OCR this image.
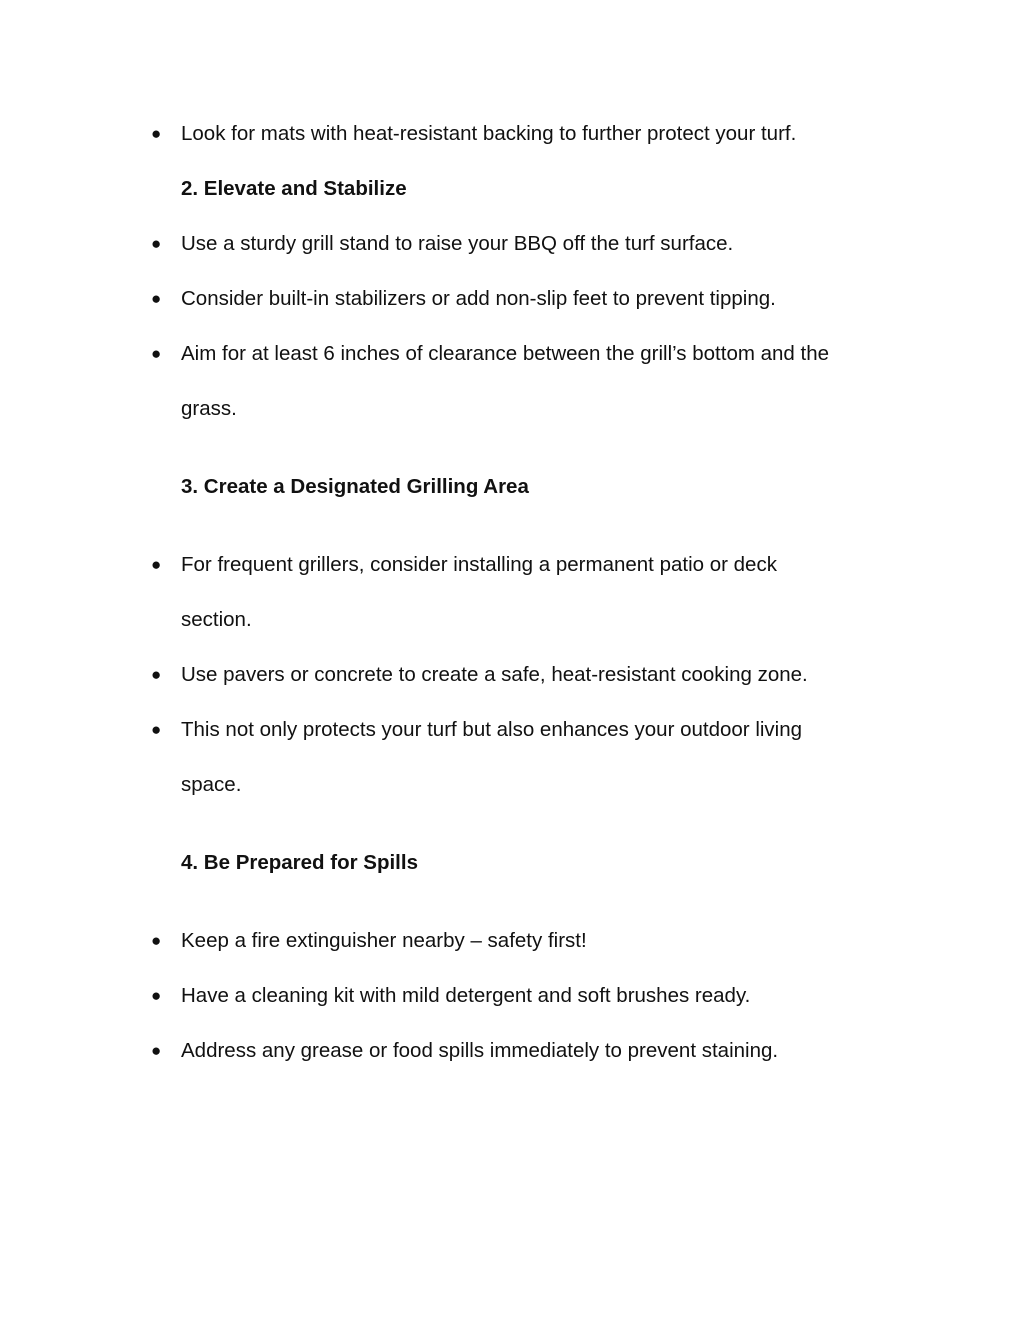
● Look for mats with heat-resistant backing to further protect your turf.
2. Elevate and Stabilize
● Use a sturdy grill stand to raise your BBQ off the turf surface.
● Consider built-in stabilizers or add non-slip feet to prevent tipping.
● Aim for at least 6 inches of clearance between the grill’s bottom and the
grass.
3. Create a Designated Grilling Area
● For frequent grillers, consider installing a permanent patio or deck
section.
● Use pavers or concrete to create a safe, heat-resistant cooking zone.
● This not only protects your turf but also enhances your outdoor living
space.
4. Be Prepared for Spills
● Keep a fire extinguisher nearby – safety first!
● Have a cleaning kit with mild detergent and soft brushes ready.
● Address any grease or food spills immediately to prevent staining.
